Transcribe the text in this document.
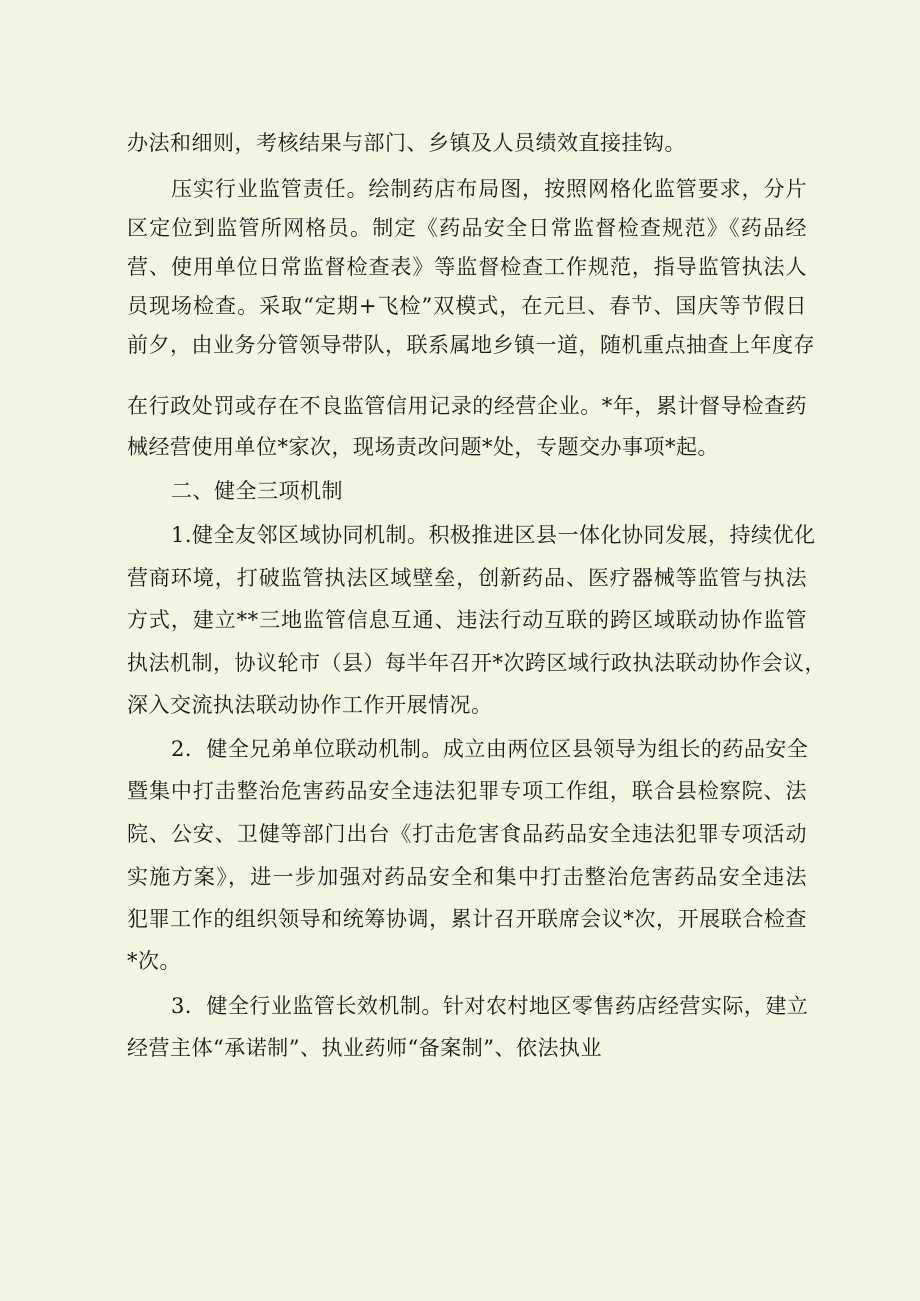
办法和细则，考核结果与部门、乡镇及人员绩效直接挂钩。
压实行业监管责任。绘制药店布局图，按照网格化监管要求，分片
区定位到监管所网格员。制定《药品安全日常监督检查规范》《药品经
营、使用单位日常监督检查表》等监督检查工作规范，指导监管执法人
员现场检查。采取“定期+飞检”双模式，在元旦、春节、国庆等节假日
前夕，由业务分管领导带队，联系属地乡镇一道，随机重点抽查上年度存
在行政处罚或存在不良监管信用记录的经营企业。*年，累计督导检查药
械经营使用单位*家次，现场责改问题*处，专题交办事项*起。
二、健全三项机制
1.健全友邻区域协同机制。积极推进区县一体化协同发展，持续优化
营商环境，打破监管执法区域壁垒，创新药品、医疗器械等监管与执法
方式，建立**三地监管信息互通、违法行动互联的跨区域联动协作监管
执法机制，协议轮市（县）每半年召开*次跨区域行政执法联动协作会议，
深入交流执法联动协作工作开展情况。
2．健全兄弟单位联动机制。成立由两位区县领导为组长的药品安全
暨集中打击整治危害药品安全违法犯罪专项工作组，联合县检察院、法
院、公安、卫健等部门出台《打击危害食品药品安全违法犯罪专项活动
实施方案》，进一步加强对药品安全和集中打击整治危害药品安全违法
犯罪工作的组织领导和统筹协调，累计召开联席会议*次，开展联合检查
*次。
3．健全行业监管长效机制。针对农村地区零售药店经营实际，建立
经营主体“承诺制”、执业药师“备案制”、依法执业
